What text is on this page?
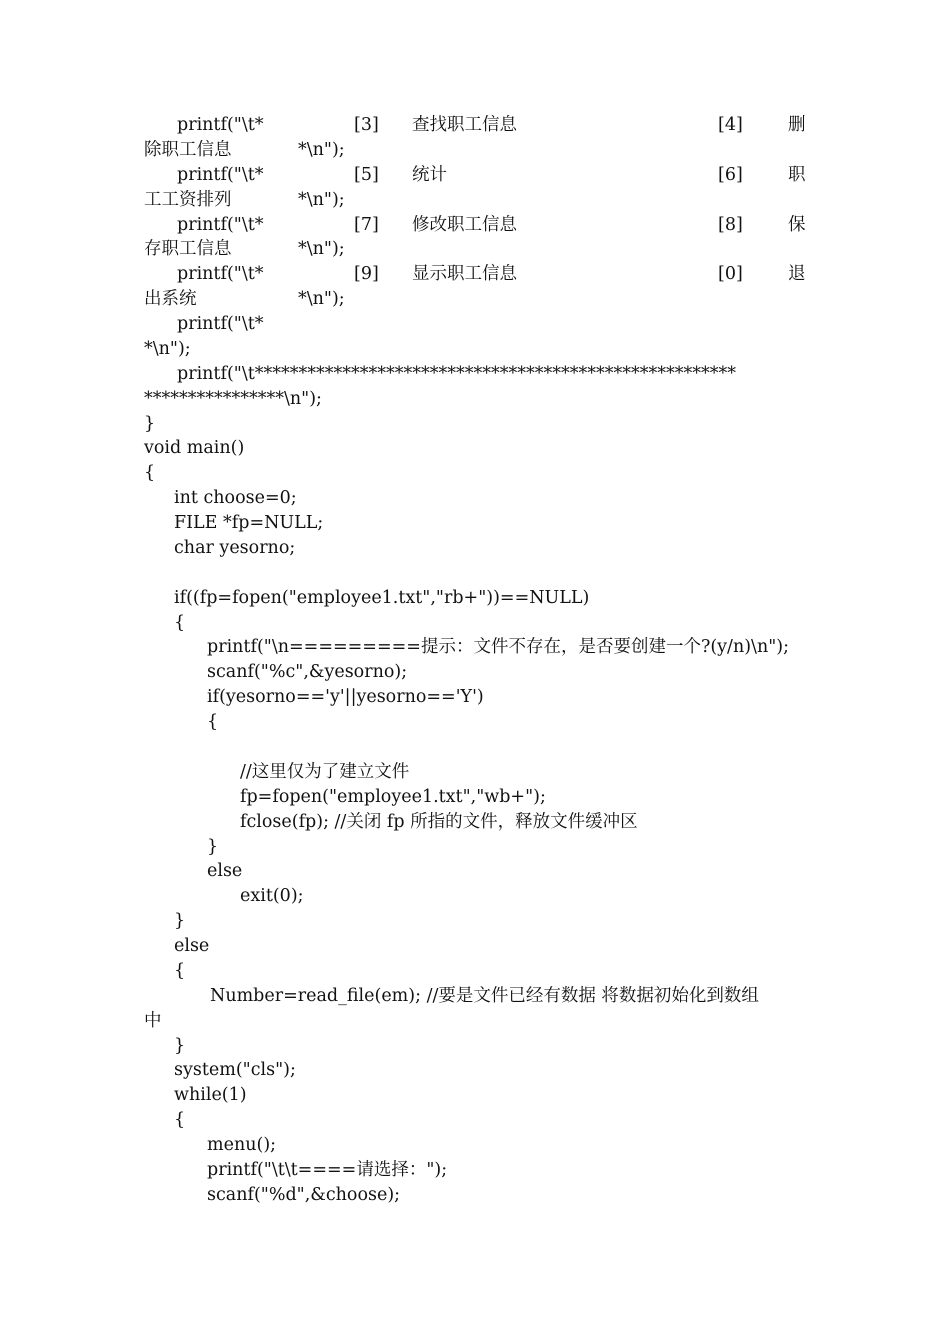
printf("\t*	[3] 查找职工信息	[4]	删
除职工信息	*\n");
printf("\t*	[5] 统计	[6]	职
工工资排列	*\n");
printf("\t*	[7] 修改职工信息	[8]	保
存职工信息	*\n");
printf("\t*	[9] 显示职工信息	[0]	退
出系统	*\n");
printf("\t*
*\n");
printf("\t*******************************************************
****************\n");
}
void main()
{
int choose=0;
FILE *fp=NULL;
char yesorno;
if((fp=fopen("employee1.txt","rb+"))==NULL)
{
printf("\n=========提示：文件不存在，是否要创建一个?(y/n)\n");
scanf("%c",&yesorno);
if(yesorno=='y'||yesorno=='Y')
{
//这里仅为了建立文件
fp=fopen("employee1.txt","wb+");
fclose(fp); //关闭 fp 所指的文件，释放文件缓冲区
}
else
exit(0);
}
else
{
Number=read_file(em); //要是文件已经有数据 将数据初始化到数组
中
}
system("cls");
while(1)
{
menu();
printf("\t\t====请选择：");
scanf("%d",&choose);
